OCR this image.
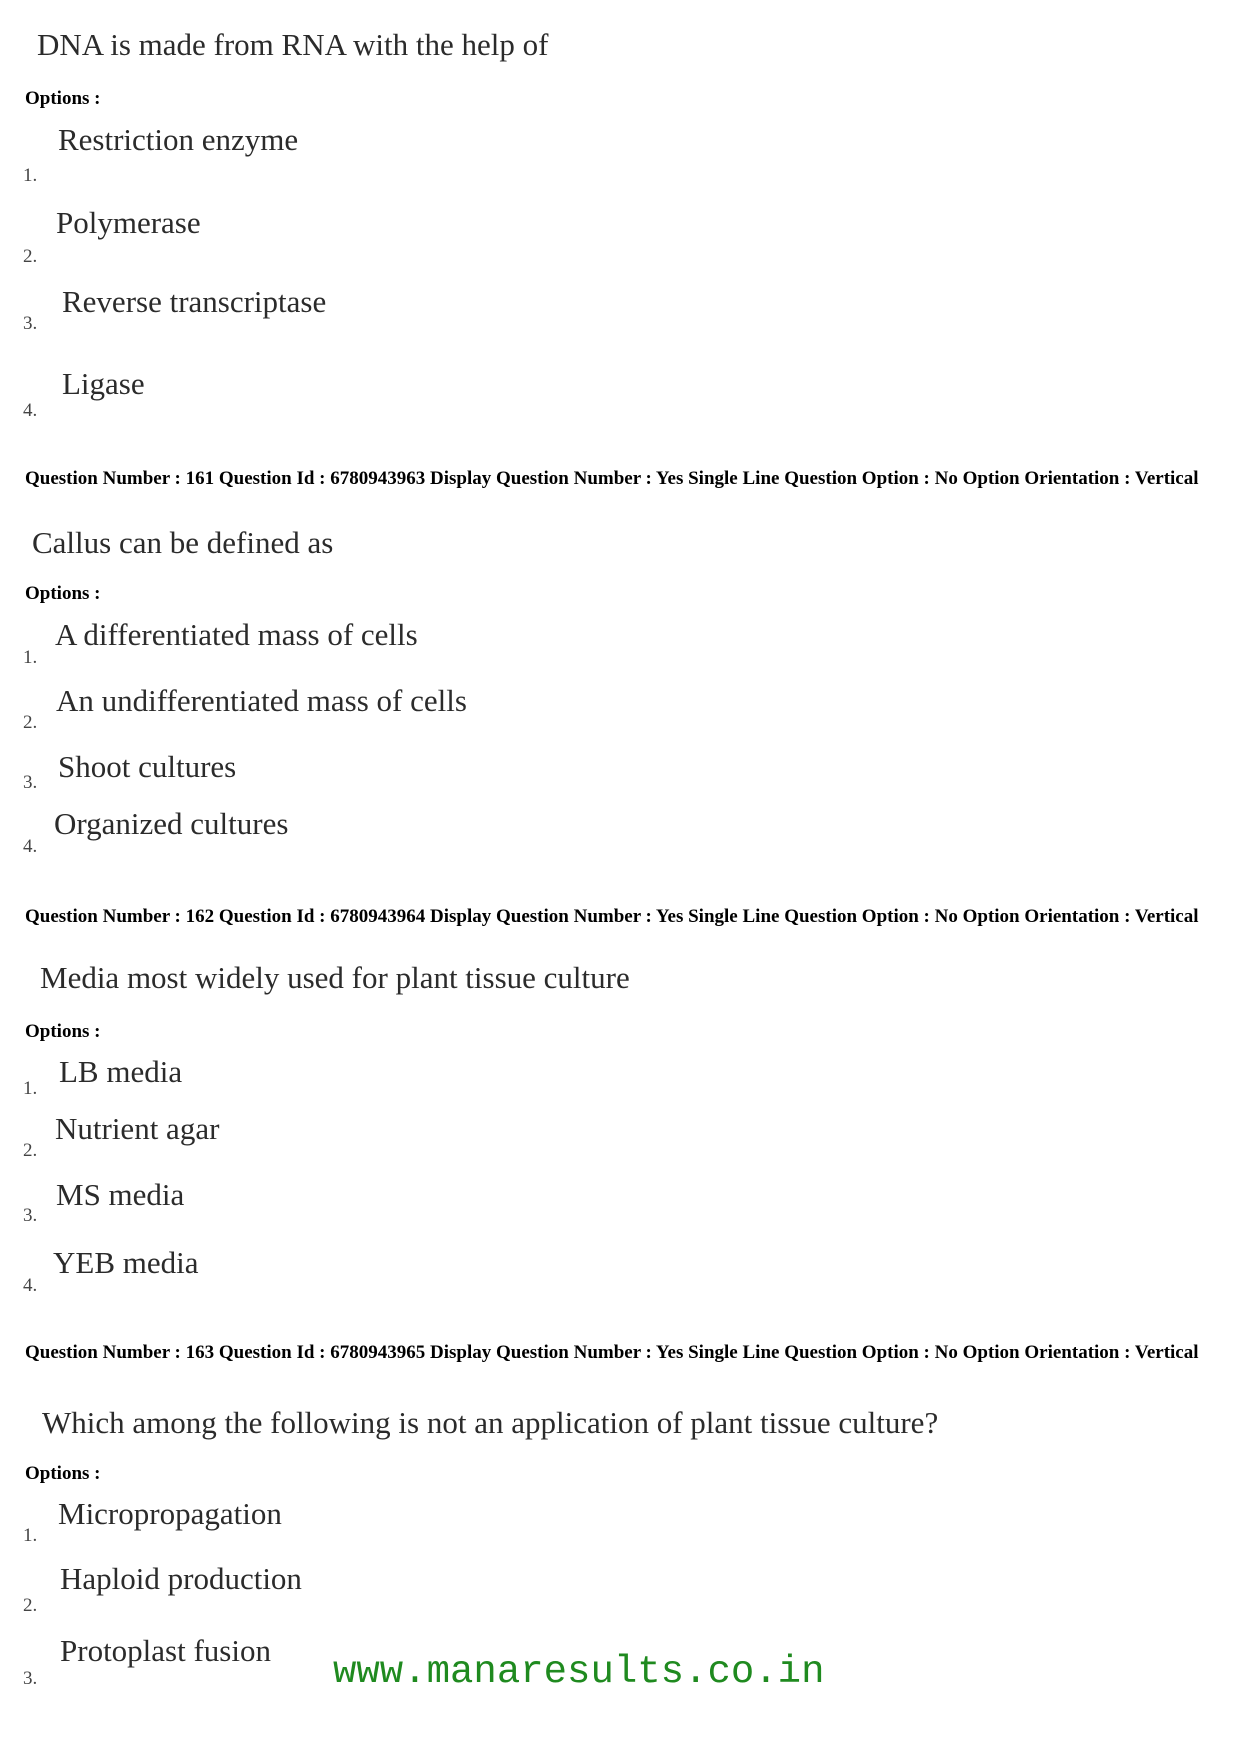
DNA is made from RNA with the help of
Options :
Restriction enzyme
1.
Polymerase
2.
Reverse transcriptase
3.
Ligase
4.
Question Number : 161 Question Id : 6780943963 Display Question Number : Yes Single Line Question Option : No Option Orientation : Vertical
Callus can be defined as
Options :
A differentiated mass of cells
1.
An undifferentiated mass of cells
2.
Shoot cultures
3.
Organized cultures
4.
Question Number : 162 Question Id : 6780943964 Display Question Number : Yes Single Line Question Option : No Option Orientation : Vertical
Media most widely used for plant tissue culture
Options :
LB media
1.
Nutrient agar
2.
MS media
3.
YEB media
4.
Question Number : 163 Question Id : 6780943965 Display Question Number : Yes Single Line Question Option : No Option Orientation : Vertical
Which among the following is not an application of plant tissue culture?
Options :
Micropropagation
1.
Haploid production
2.
Protoplast fusion
3.	www.manaresults.co.in
